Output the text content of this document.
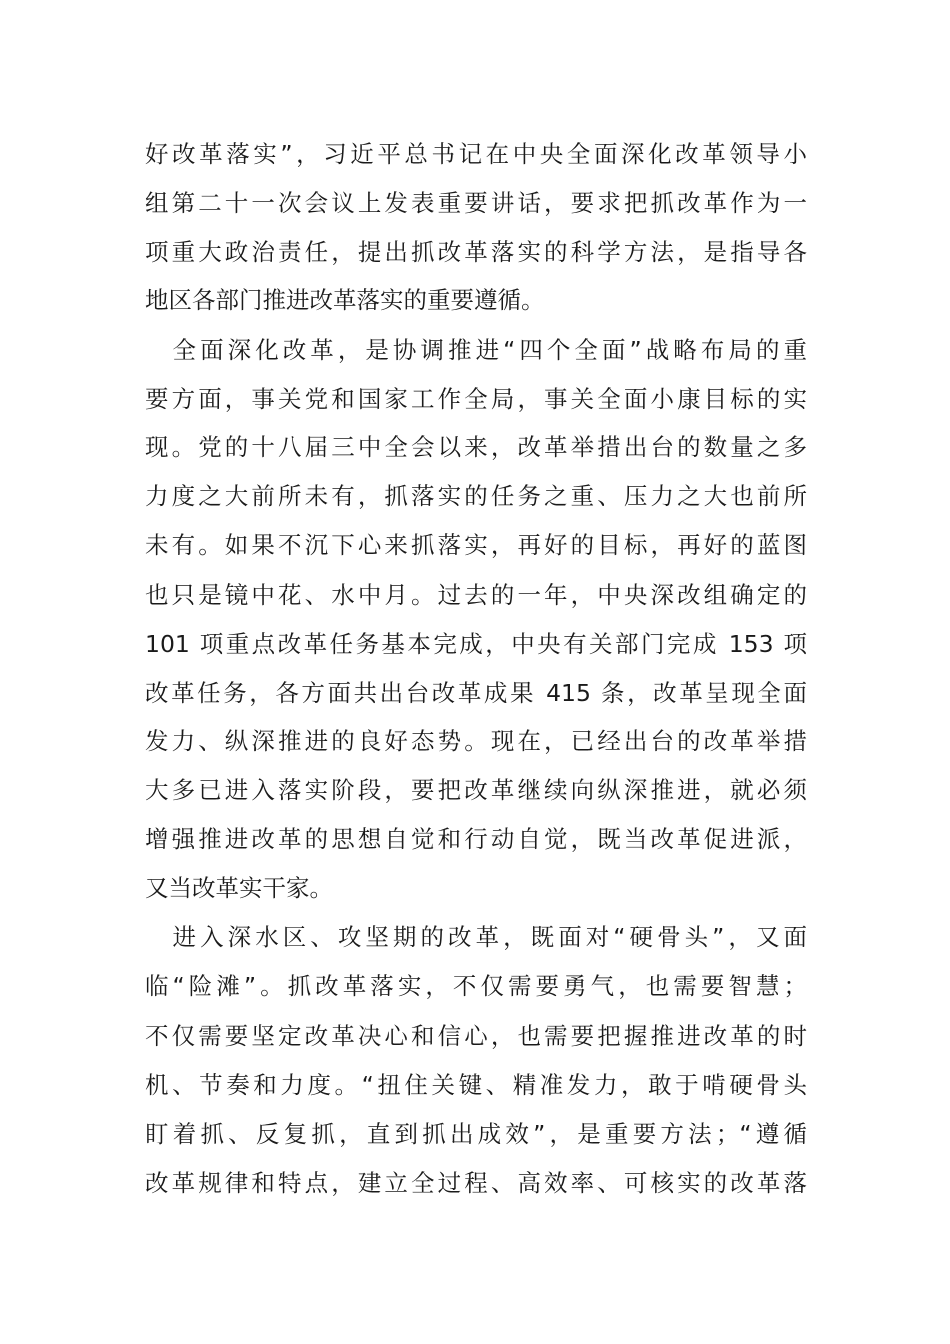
好改革落实”，习近平总书记在中央全面深化改革领导小
组第二十一次会议上发表重要讲话，要求把抓改革作为一
项重大政治责任，提出抓改革落实的科学方法，是指导各
地区各部门推进改革落实的重要遵循。
　全面深化改革，是协调推进“四个全面”战略布局的重
要方面，事关党和国家工作全局，事关全面小康目标的实
现。党的十八届三中全会以来，改革举措出台的数量之多
力度之大前所未有，抓落实的任务之重、压力之大也前所
未有。如果不沉下心来抓落实，再好的目标，再好的蓝图
也只是镜中花、水中月。过去的一年，中央深改组确定的
101 项重点改革任务基本完成，中央有关部门完成 153 项
改革任务，各方面共出台改革成果 415 条，改革呈现全面
发力、纵深推进的良好态势。现在，已经出台的改革举措
大多已进入落实阶段，要把改革继续向纵深推进，就必须
增强推进改革的思想自觉和行动自觉，既当改革促进派，
又当改革实干家。
　进入深水区、攻坚期的改革，既面对“硬骨头”，又面
临“险滩”。抓改革落实，不仅需要勇气，也需要智慧；
不仅需要坚定改革决心和信心，也需要把握推进改革的时
机、节奏和力度。“扭住关键、精准发力，敢于啃硬骨头
盯着抓、反复抓，直到抓出成效”，是重要方法；“遵循
改革规律和特点，建立全过程、高效率、可核实的改革落
